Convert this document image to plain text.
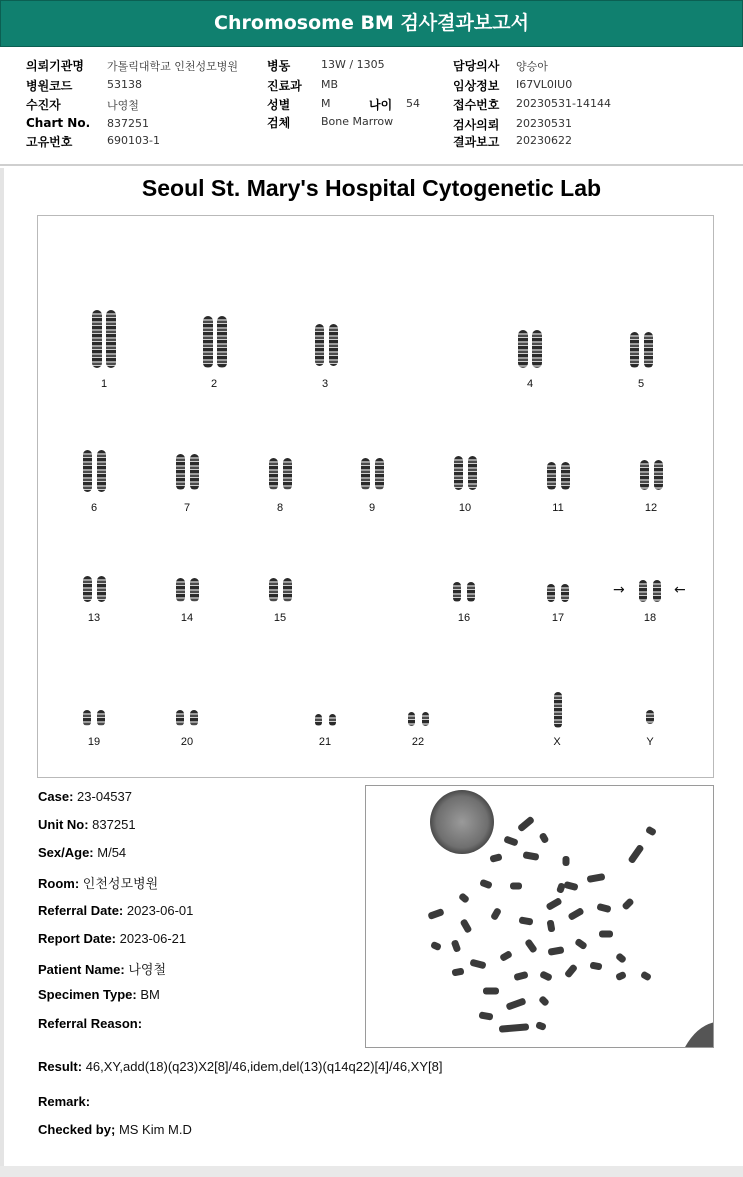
Chromosome BM 검사결과보고서
의뢰기관명 가톨릭대학교 인천성모병원
병원코드	53138
수진자	나영철
Chart No. 837251
고유번호	690103-1
병동	13W / 1305
진료과 MB
성별	M	나이 54
검체	Bone Marrow
담당의사 양승아
임상정보 I67VL0IU0
접수번호 20230531-14144
검사의뢰 20230531
결과보고 20230622
Seoul St. Mary's Hospital Cytogenetic Lab
1	2	3	4	5
6	7	8	9	10	11	12
13	14	15	16	17	18
19	20	21	22	X	Y
→	←
Case: 23-04537
Unit No: 837251
Sex/Age: M/54
Room: 인천성모병원
Referral Date: 2023-06-01
Report Date: 2023-06-21
Patient Name: 나영철
Specimen Type: BM
Referral Reason:
Result: 46,XY,add(18)(q23)X2[8]/46,idem,del(13)(q14q22)[4]/46,XY[8]
Remark:
Checked by; MS Kim M.D
